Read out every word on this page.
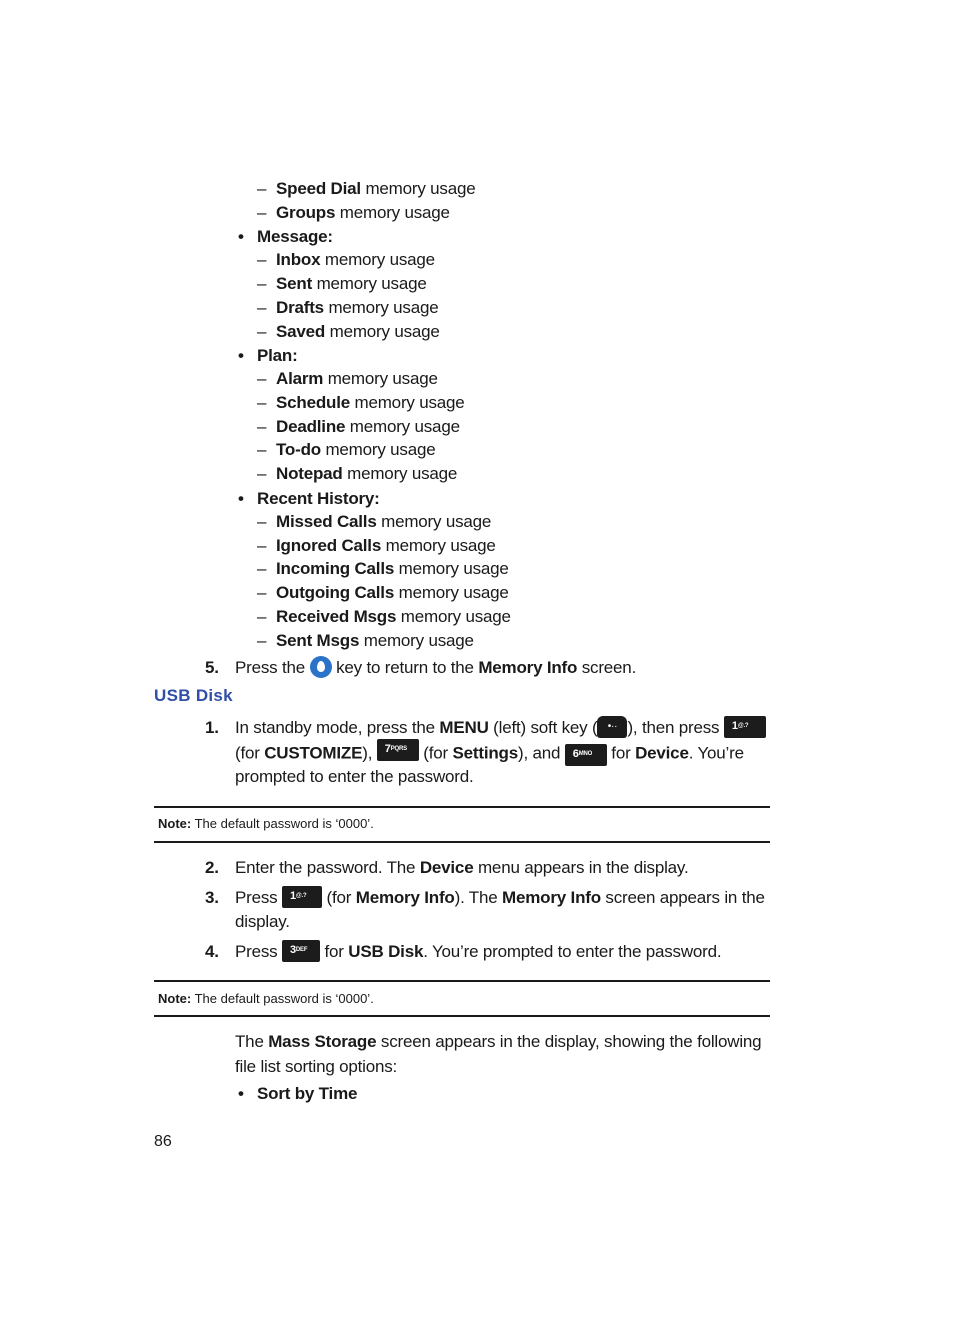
– Speed Dial memory usage
– Groups memory usage
• Message:
– Inbox memory usage
– Sent memory usage
– Drafts memory usage
– Saved memory usage
• Plan:
– Alarm memory usage
– Schedule memory usage
– Deadline memory usage
– To-do memory usage
– Notepad memory usage
• Recent History:
– Missed Calls memory usage
– Ignored Calls memory usage
– Incoming Calls memory usage
– Outgoing Calls memory usage
– Received Msgs memory usage
– Sent Msgs memory usage
5. Press the  key to return to the Memory Info screen.
USB Disk
1. In standby mode, press the MENU (left) soft key ( •·· ), then press 1@.?
(for CUSTOMIZE), $7^{PQRS}$ (for Settings), and $6^{MNO}$ for Device. You’re
prompted to enter the password.
Note: The default password is ‘0000’.
2. Enter the password. The Device menu appears in the display.
3. Press 1@.? (for Memory Info). The Memory Info screen appears in the
display.
4. Press $3^{DEF}$ for USB Disk. You’re prompted to enter the password.
Note: The default password is ‘0000’.
The Mass Storage screen appears in the display, showing the following
file list sorting options:
• Sort by Time
86
